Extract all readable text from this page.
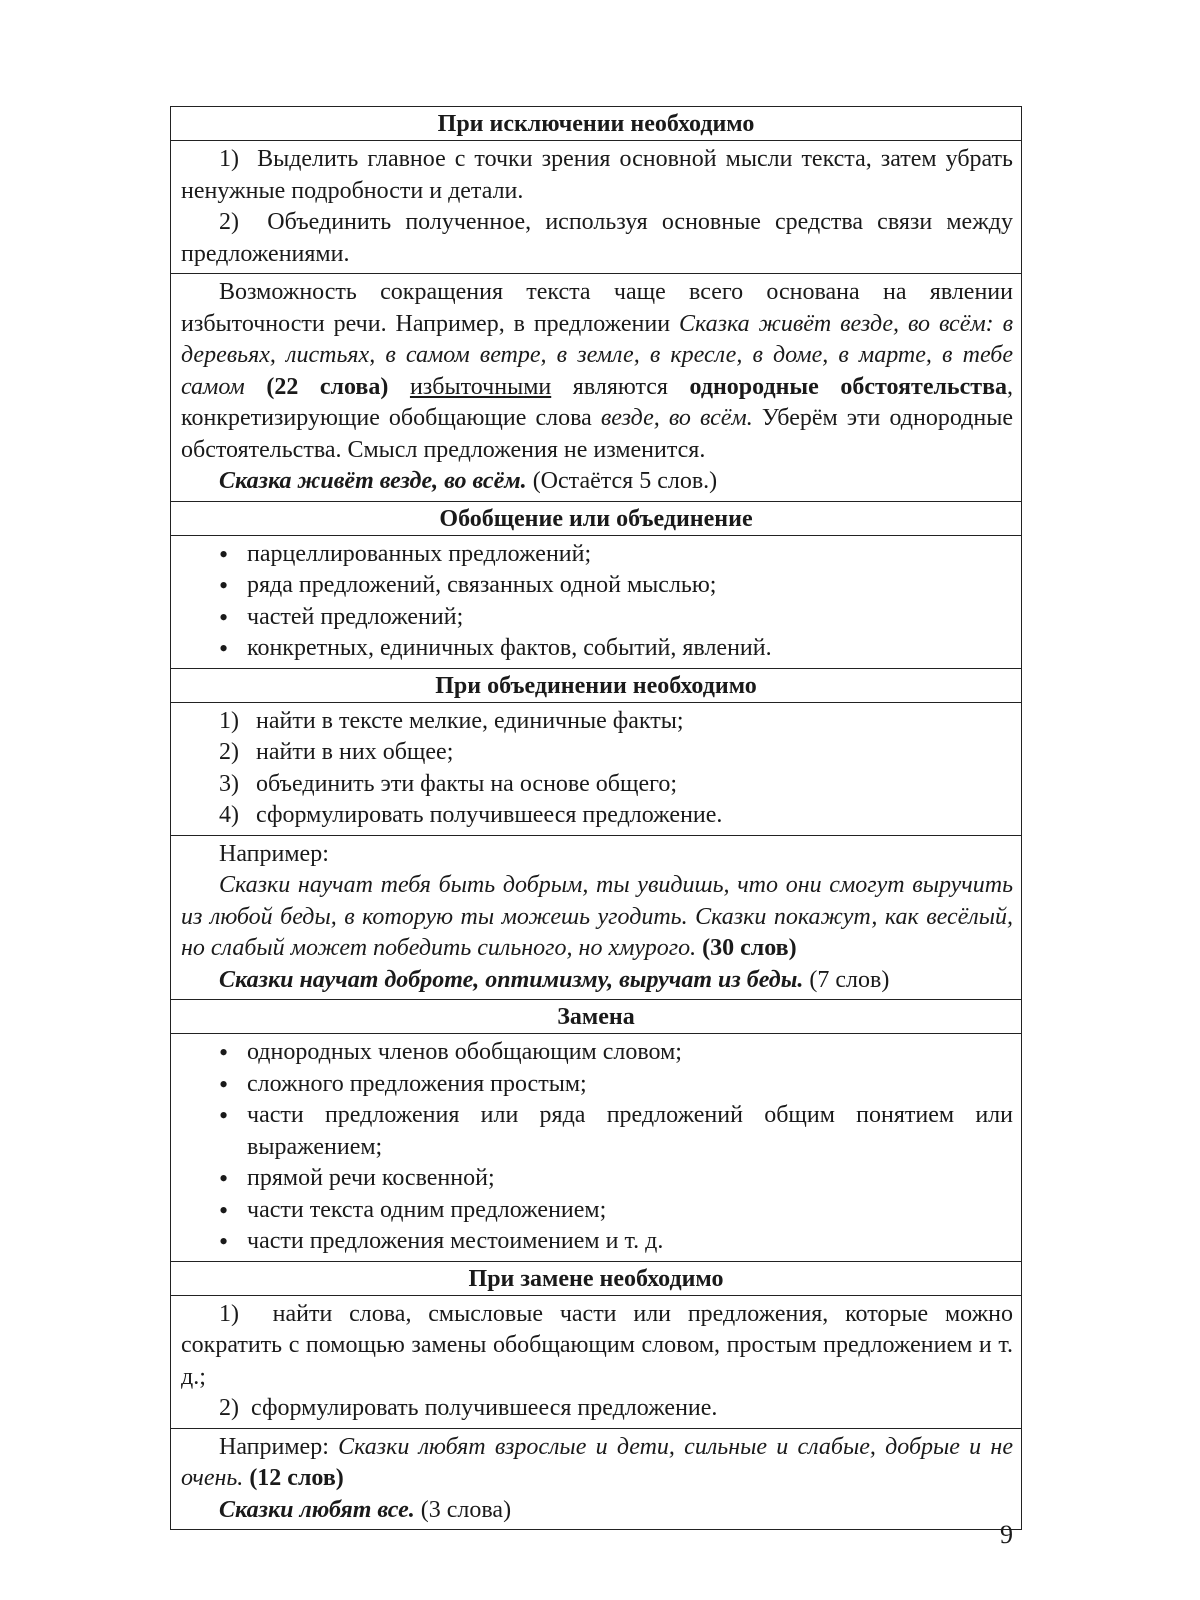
При исключении необходимо

1) Выделить главное с точки зрения основной мысли текста, затем убрать ненужные подробности и детали.

2) Объединить полученное, используя основные средства связи между предложениями.

Возможность сокращения текста чаще всего основана на явлении избыточности речи. Например, в предложении Сказка живёт везде, во всём: в деревьях, листьях, в самом ветре, в земле, в кресле, в доме, в марте, в тебе самом (22 слова) избыточными являются однородные обстоятельства, конкретизирующие обобщающие слова везде, во всём. Уберём эти однородные обстоятельства. Смысл предложения не изменится.

Сказка живёт везде, во всём. (Остаётся 5 слов.)

Обобщение или объединение
• парцеллированных предложений;
• ряда предложений, связанных одной мыслью;
• частей предложений;
• конкретных, единичных фактов, событий, явлений.
При объединении необходимо
1) найти в тексте мелкие, единичные факты;
2) найти в них общее;
3) объединить эти факты на основе общего;
4) сформулировать получившееся предложение.

Например:

Сказки научат тебя быть добрым, ты увидишь, что они смогут выручить из любой беды, в которую ты можешь угодить. Сказки покажут, как весёлый, но слабый может победить сильного, но хмурого. (30 слов)

Сказки научат доброте, оптимизму, выручат из беды. (7 слов)

Замена
• однородных членов обобщающим словом;
• сложного предложения простым;
• части предложения или ряда предложений общим понятием или выражением;
• прямой речи косвенной;
• части текста одним предложением;
• части предложения местоимением и т. д.
При замене необходимо

1) найти слова, смысловые части или предложения, которые можно сократить с помощью замены обобщающим словом, простым предложением и т. д.;

2) сформулировать получившееся предложение.

Например: Сказки любят взрослые и дети, сильные и слабые, добрые и не очень. (12 слов)

Сказки любят все. (3 слова)

9
